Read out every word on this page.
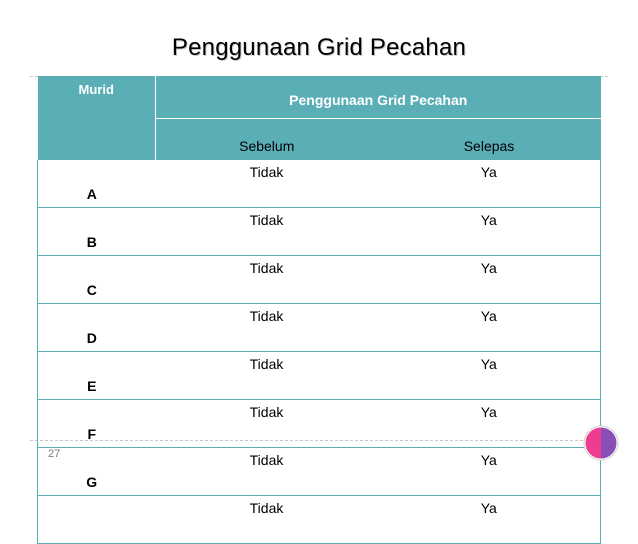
Penggunaan Grid Pecahan
Murid	Penggunaan Grid Pecahan	
	Sebelum	Selepas
A	Tidak	Ya
B	Tidak	Ya
C	Tidak	Ya
D	Tidak	Ya
E	Tidak	Ya
F	Tidak	Ya
G	Tidak	Ya
	Tidak	Ya
27
